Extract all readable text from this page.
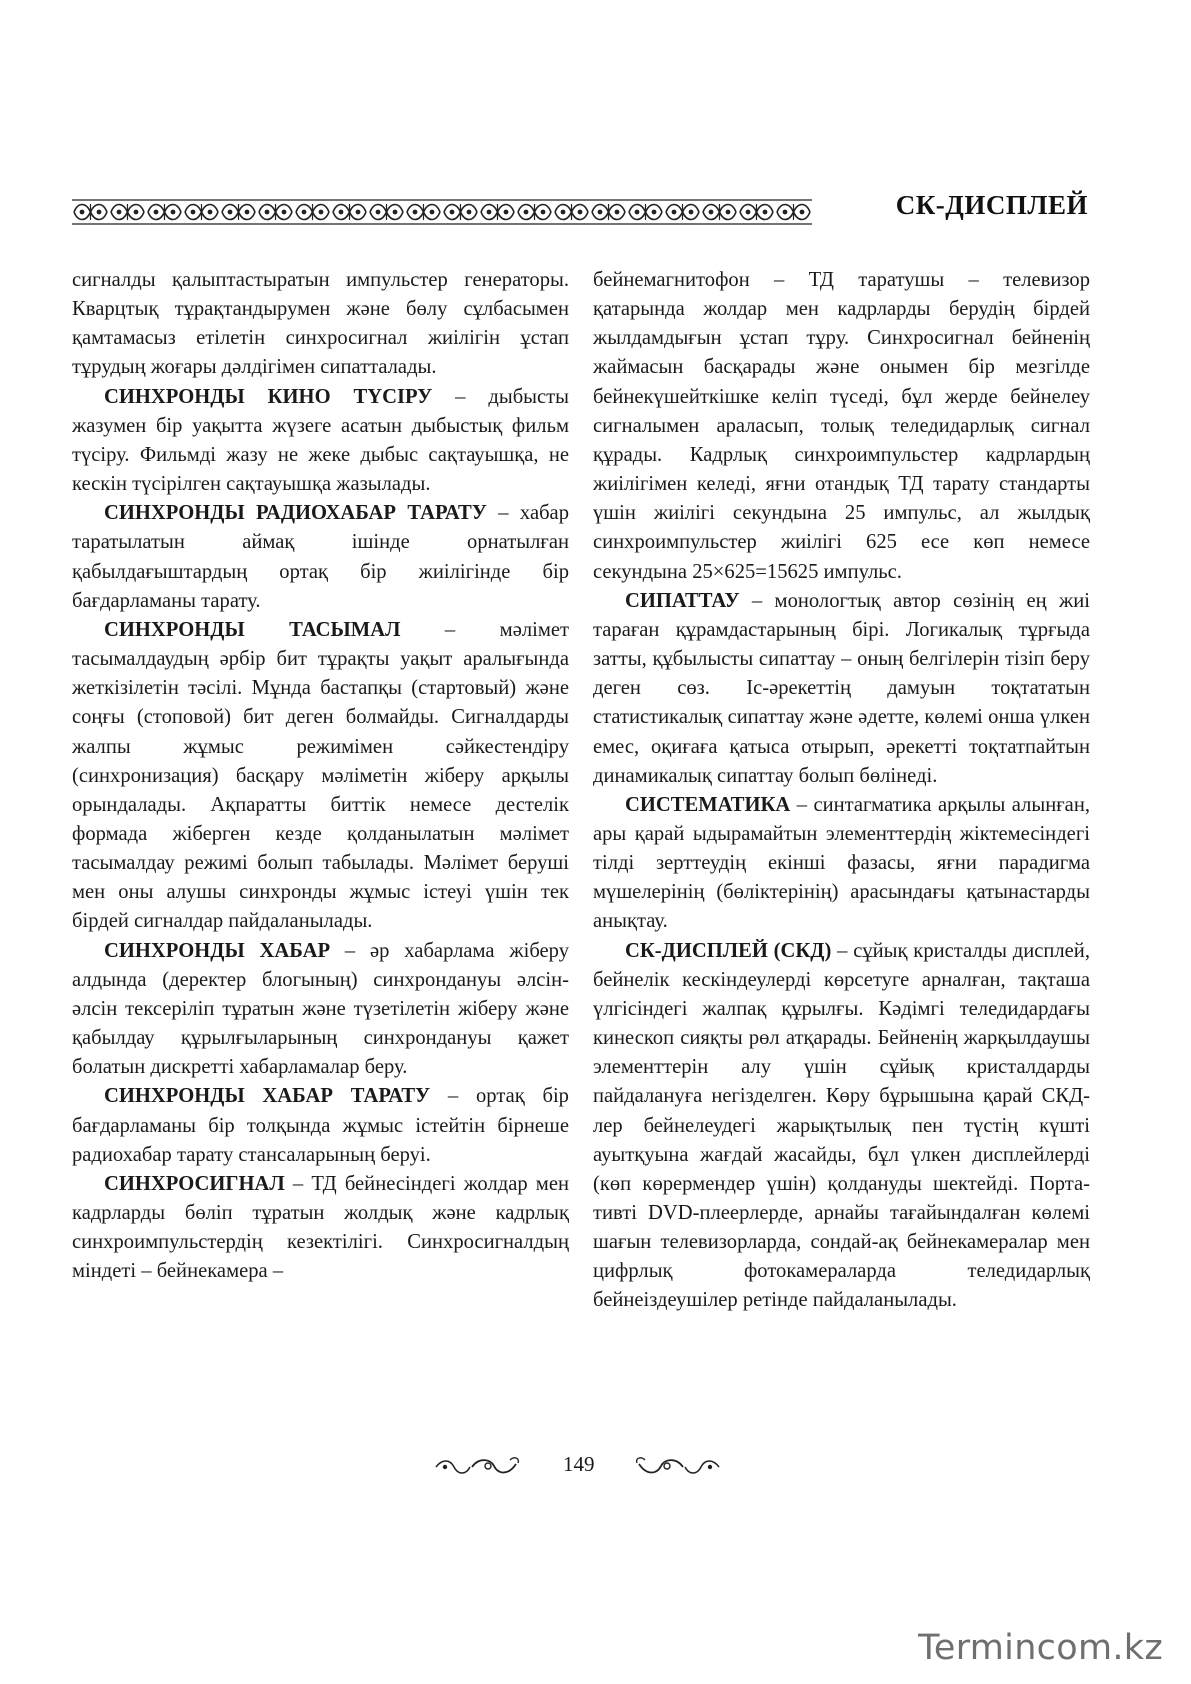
СК-ДИСПЛЕЙ

сигналды қалыптастыратын импульстер генераторы. Кварцтық тұрақтандырумен және бөлу сұлбасымен қамтамасыз етілетін синхросигнал жиілігін ұстап тұрудың жоғары дәлдігімен сипатталады.

СИНХРОНДЫ КИНО ТҮСІРУ – дыбысты жазумен бір уақытта жүзеге асатын дыбыстық фильм түсіру. Фильмді жазу не жеке дыбыс сақтауышқа, не кескін түсірілген сақтауышқа жазылады.

СИНХРОНДЫ РАДИОХАБАР ТАРАТУ – хабар таратылатын аймақ ішінде орнатылған қабылдағыштардың ортақ бір жиілігінде бір бағдарламаны тарату.

СИНХРОНДЫ ТАСЫМАЛ – мәлімет тасымалдаудың әрбір бит тұрақты уақыт аралығында жеткізілетін тәсілі. Мұнда бастапқы (стартовый) және соңғы (стоповой) бит деген болмайды. Сигналдарды жалпы жұмыс режимімен сәйкестендіру (синхронизация) басқару мәліметін жіберу арқылы орындалады. Ақпаратты биттік немесе дестелік формада жіберген кезде қолданылатын мәлімет тасымалдау режимі болып табылады. Мәлімет беруші мен оны алушы синхронды жұмыс істеуі үшін тек бірдей сигналдар пайдаланылады.

СИНХРОНДЫ ХАБАР – әр хабарлама жіберу алдында (деректер блогының) синхрондануы әлсін-әлсін тексеріліп тұратын және түзетілетін жіберу және қабылдау құрылғыларының синхрондануы қажет болатын дискретті хабарламалар беру.

СИНХРОНДЫ ХАБАР ТАРАТУ – ортақ бір бағдарламаны бір толқында жұмыс істейтін бірнеше радиохабар тарату стансаларының беруі.

СИНХРОСИГНАЛ – ТД бейнесіндегі жолдар мен кадрларды бөліп тұратын жолдық және кадрлық синхроимпульстердің кезектілігі. Синхросигналдың міндеті – бейнекамера –

бейнемагнитофон – ТД таратушы – телевизор қатарында жолдар мен кадрларды берудің бірдей жылдамдығын ұстап тұру. Синхросигнал бейненің жаймасын басқарады және онымен бір мезгілде бейнекүшейткішке келіп түседі, бұл жерде бейнелеу сигналымен араласып, толық теледидарлық сигнал құрады. Кадрлық синхроимпульстер кадрлардың жиілігімен келеді, яғни отандық ТД тарату стандарты үшін жиілігі секундына 25 импульс, ал жылдық синхроимпульстер жиілігі 625 есе көп немесе секундына 25×625=15625 импульс.

СИПАТТАУ – монологтық автор сөзінің ең жиі тараған құрамдастарының бірі. Логикалық тұрғыда затты, құбылысты сипаттау – оның белгілерін тізіп беру деген сөз. Іс-әрекеттің дамуын тоқтататын статистикалық сипаттау және әдетте, көлемі онша үлкен емес, оқиғаға қатыса отырып, әрекетті тоқтатпайтын динамикалық сипаттау болып бөлінеді.

СИСТЕМАТИКА – синтагматика арқылы алынған, ары қарай ыдырамайтын элементтердің жіктемесіндегі тілді зерттеудің екінші фазасы, яғни парадигма мүшелерінің (бөліктерінің) арасындағы қатынастарды анықтау.

СК-ДИСПЛЕЙ (СКД) – сұйық кристалды дисплей, бейнелік кескіндеулерді көрсетуге арналған, тақташа үлгісіндегі жалпақ құрылғы. Кәдімгі теледидардағы кинескоп сияқты рөл атқарады. Бейненің жарқылдаушы элементтерін алу үшін сұйық кристалдарды пайдалануға негізделген. Көру бұрышына қарай СКД-лер бейнелеудегі жарықтылық пен түстің күшті ауытқуына жағдай жасайды, бұл үлкен дисплейлерді (көп көрермендер үшін) қолдануды шектейді. Портативті DVD-плеерлерде, арнайы тағайындалған көлемі шағын телевизорларда, сондай-ақ бейнекамералар мен цифрлық фотокамераларда теледидарлық бейнеіздеушілер ретінде пайдаланылады.

149
Termincom.kz
